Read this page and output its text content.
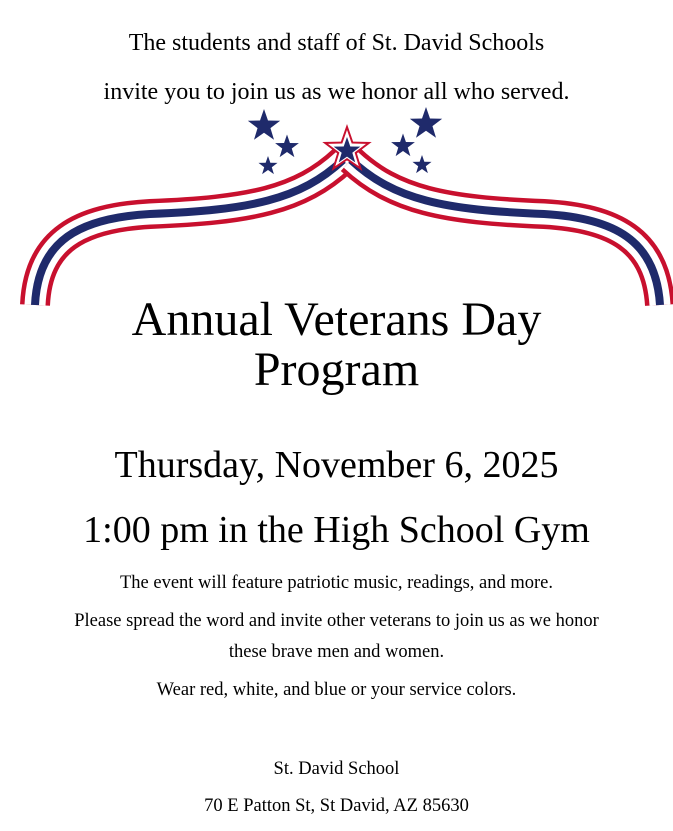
The students and staff of St. David Schools
invite you to join us as we honor all who served.
Annual Veterans Day
Program
Thursday, November 6, 2025
1:00 pm in the High School Gym
The event will feature patriotic music, readings, and more.
Please spread the word and invite other veterans to join us as we honor
these brave men and women.
Wear red, white, and blue or your service colors.
St. David School
70 E Patton St, St David, AZ 85630
